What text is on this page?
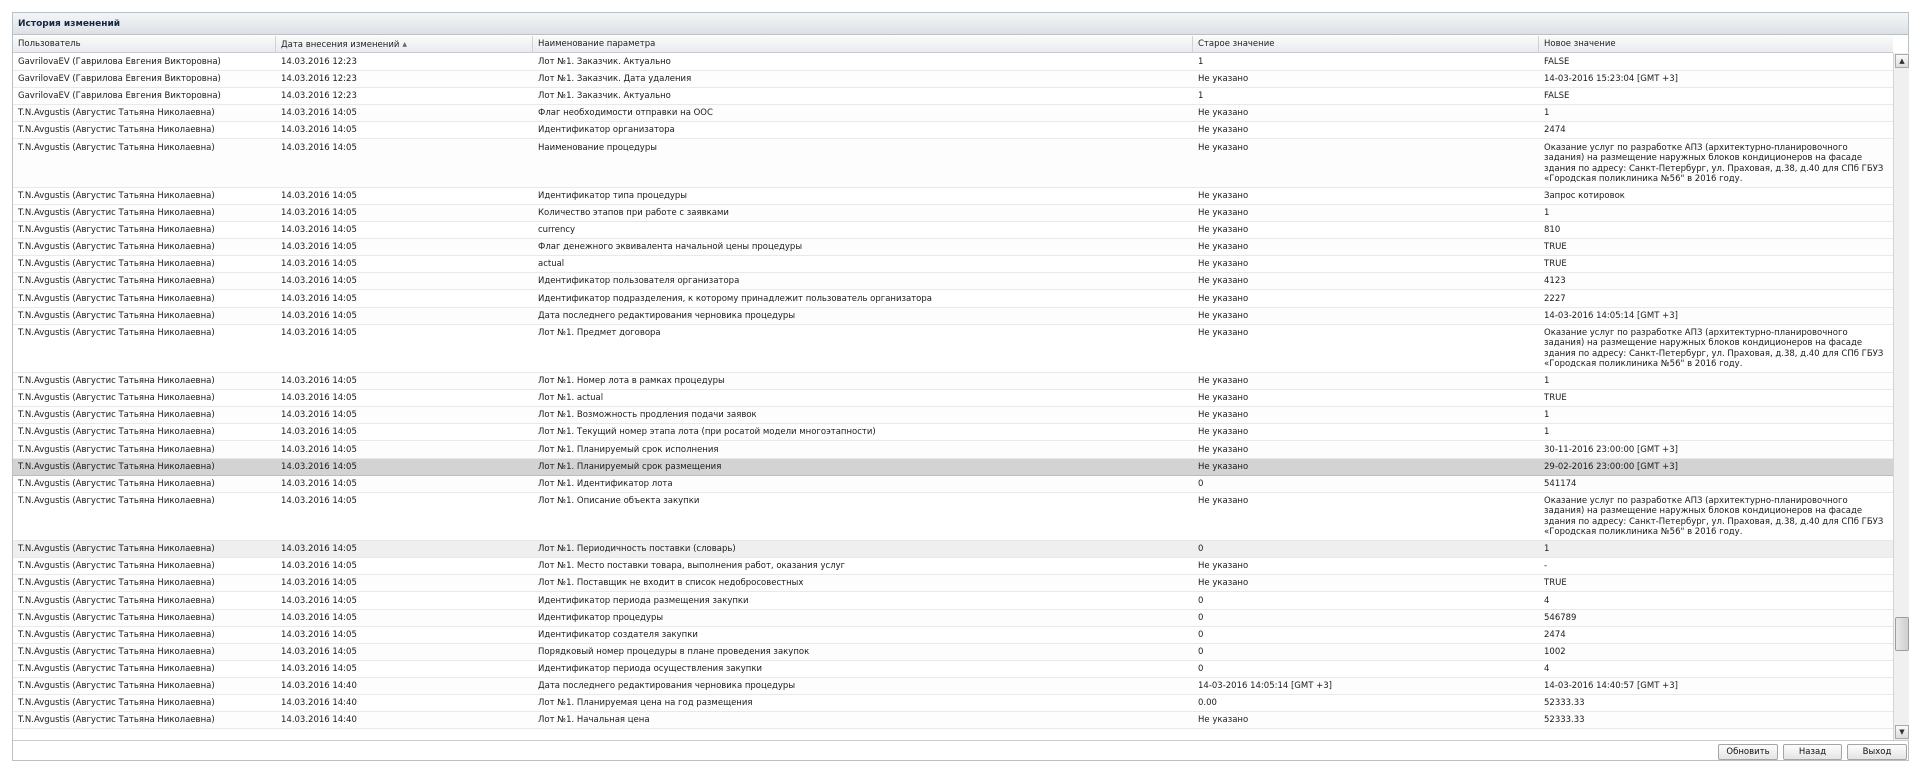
История изменений
Пользователь	Дата внесения изменений ▲	Наименование параметра	Старое значение	Новое значение
GavrilovaEV (Гаврилова Евгения Викторовна)	14.03.2016 12:23	Лот №1. Заказчик. Актуально	1	FALSE
GavrilovaEV (Гаврилова Евгения Викторовна)	14.03.2016 12:23	Лот №1. Заказчик. Дата удаления	Не указано	14-03-2016 15:23:04 [GMT +3]
GavrilovaEV (Гаврилова Евгения Викторовна)	14.03.2016 12:23	Лот №1. Заказчик. Актуально	1	FALSE
T.N.Avgustis (Августис Татьяна Николаевна)	14.03.2016 14:05	Флаг необходимости отправки на ООС	Не указано	1
T.N.Avgustis (Августис Татьяна Николаевна)	14.03.2016 14:05	Идентификатор организатора	Не указано	2474
T.N.Avgustis (Августис Татьяна Николаевна)	14.03.2016 14:05	Наименование процедуры	Не указано	Оказание услуг по разработке АПЗ (архитектурно-планировочного задания) на размещение наружных блоков кондиционеров на фасаде здания по адресу: Санкт-Петербург, ул. Праховая, д.38, д.40 для СПб ГБУЗ «Городская поликлиника №56" в 2016 году.
T.N.Avgustis (Августис Татьяна Николаевна)	14.03.2016 14:05	Идентификатор типа процедуры	Не указано	Запрос котировок
T.N.Avgustis (Августис Татьяна Николаевна)	14.03.2016 14:05	Количество этапов при работе с заявками	Не указано	1
T.N.Avgustis (Августис Татьяна Николаевна)	14.03.2016 14:05	currency	Не указано	810
T.N.Avgustis (Августис Татьяна Николаевна)	14.03.2016 14:05	Флаг денежного эквивалента начальной цены процедуры	Не указано	TRUE
T.N.Avgustis (Августис Татьяна Николаевна)	14.03.2016 14:05	actual	Не указано	TRUE
T.N.Avgustis (Августис Татьяна Николаевна)	14.03.2016 14:05	Идентификатор пользователя организатора	Не указано	4123
T.N.Avgustis (Августис Татьяна Николаевна)	14.03.2016 14:05	Идентификатор подразделения, к которому принадлежит пользователь организатора	Не указано	2227
T.N.Avgustis (Августис Татьяна Николаевна)	14.03.2016 14:05	Дата последнего редактирования черновика процедуры	Не указано	14-03-2016 14:05:14 [GMT +3]
T.N.Avgustis (Августис Татьяна Николаевна)	14.03.2016 14:05	Лот №1. Предмет договора	Не указано	Оказание услуг по разработке АПЗ (архитектурно-планировочного задания) на размещение наружных блоков кондиционеров на фасаде здания по адресу: Санкт-Петербург, ул. Праховая, д.38, д.40 для СПб ГБУЗ «Городская поликлиника №56" в 2016 году.
T.N.Avgustis (Августис Татьяна Николаевна)	14.03.2016 14:05	Лот №1. Номер лота в рамках процедуры	Не указано	1
T.N.Avgustis (Августис Татьяна Николаевна)	14.03.2016 14:05	Лот №1. actual	Не указано	TRUE
T.N.Avgustis (Августис Татьяна Николаевна)	14.03.2016 14:05	Лот №1. Возможность продления подачи заявок	Не указано	1
T.N.Avgustis (Августис Татьяна Николаевна)	14.03.2016 14:05	Лот №1. Текущий номер этапа лота (при росатой модели многоэтапности)	Не указано	1
T.N.Avgustis (Августис Татьяна Николаевна)	14.03.2016 14:05	Лот №1. Планируемый срок исполнения	Не указано	30-11-2016 23:00:00 [GMT +3]
T.N.Avgustis (Августис Татьяна Николаевна)	14.03.2016 14:05	Лот №1. Планируемый срок размещения	Не указано	29-02-2016 23:00:00 [GMT +3]
T.N.Avgustis (Августис Татьяна Николаевна)	14.03.2016 14:05	Лот №1. Идентификатор лота	0	541174
T.N.Avgustis (Августис Татьяна Николаевна)	14.03.2016 14:05	Лот №1. Описание объекта закупки	Не указано	Оказание услуг по разработке АПЗ (архитектурно-планировочного задания) на размещение наружных блоков кондиционеров на фасаде здания по адресу: Санкт-Петербург, ул. Праховая, д.38, д.40 для СПб ГБУЗ «Городская поликлиника №56" в 2016 году.
T.N.Avgustis (Августис Татьяна Николаевна)	14.03.2016 14:05	Лот №1. Периодичность поставки (словарь)	0	1
T.N.Avgustis (Августис Татьяна Николаевна)	14.03.2016 14:05	Лот №1. Место поставки товара, выполнения работ, оказания услуг	Не указано	-
T.N.Avgustis (Августис Татьяна Николаевна)	14.03.2016 14:05	Лот №1. Поставщик не входит в список недобросовестных	Не указано	TRUE
T.N.Avgustis (Августис Татьяна Николаевна)	14.03.2016 14:05	Идентификатор периода размещения закупки	0	4
T.N.Avgustis (Августис Татьяна Николаевна)	14.03.2016 14:05	Идентификатор процедуры	0	546789
T.N.Avgustis (Августис Татьяна Николаевна)	14.03.2016 14:05	Идентификатор создателя закупки	0	2474
T.N.Avgustis (Августис Татьяна Николаевна)	14.03.2016 14:05	Порядковый номер процедуры в плане проведения закупок	0	1002
T.N.Avgustis (Августис Татьяна Николаевна)	14.03.2016 14:05	Идентификатор периода осуществления закупки	0	4
T.N.Avgustis (Августис Татьяна Николаевна)	14.03.2016 14:40	Дата последнего редактирования черновика процедуры	14-03-2016 14:05:14 [GMT +3]	14-03-2016 14:40:57 [GMT +3]
T.N.Avgustis (Августис Татьяна Николаевна)	14.03.2016 14:40	Лот №1. Планируемая цена на год размещения	0.00	52333.33
T.N.Avgustis (Августис Татьяна Николаевна)	14.03.2016 14:40	Лот №1. Начальная цена	Не указано	52333.33
▲
▼
Обновить	Назад	Выход
